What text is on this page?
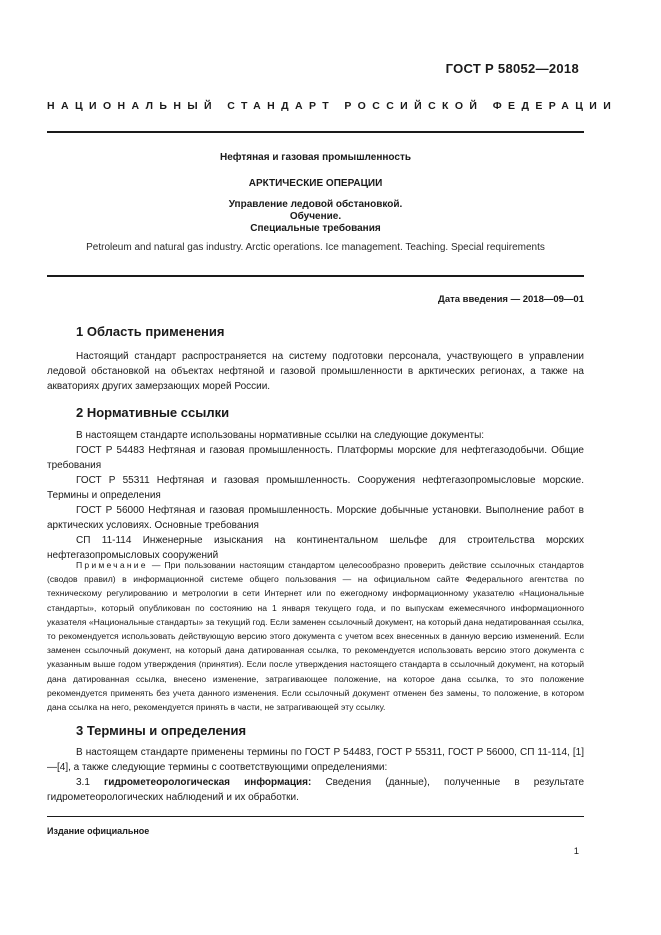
ГОСТ Р 58052—2018
НАЦИОНАЛЬНЫЙ СТАНДАРТ РОССИЙСКОЙ ФЕДЕРАЦИИ
Нефтяная и газовая промышленность
АРКТИЧЕСКИЕ ОПЕРАЦИИ
Управление ледовой обстановкой.
Обучение.
Специальные требования
Petroleum and natural gas industry. Arctic operations. Ice management. Teaching. Special requirements
Дата введения — 2018—09—01
1 Область применения
Настоящий стандарт распространяется на систему подготовки персонала, участвующего в управлении ледовой обстановкой на объектах нефтяной и газовой промышленности в арктических регионах, а также на акваториях других замерзающих морей России.
2 Нормативные ссылки
В настоящем стандарте использованы нормативные ссылки на следующие документы:
ГОСТ Р 54483 Нефтяная и газовая промышленность. Платформы морские для нефтегазодобычи. Общие требования
ГОСТ Р 55311 Нефтяная и газовая промышленность. Сооружения нефтегазопромысловые морские. Термины и определения
ГОСТ Р 56000 Нефтяная и газовая промышленность. Морские добычные установки. Выполнение работ в арктических условиях. Основные требования
СП 11-114 Инженерные изыскания на континентальном шельфе для строительства морских нефтегазопромысловых сооружений
Примечание — При пользовании настоящим стандартом целесообразно проверить действие ссылочных стандартов (сводов правил) в информационной системе общего пользования — на официальном сайте Федерального агентства по техническому регулированию и метрологии в сети Интернет или по ежегодному информационному указателю «Национальные стандарты», который опубликован по состоянию на 1 января текущего года, и по выпускам ежемесячного информационного указателя «Национальные стандарты» за текущий год. Если заменен ссылочный документ, на который дана недатированная ссылка, то рекомендуется использовать действующую версию этого документа с учетом всех внесенных в данную версию изменений. Если заменен ссылочный документ, на который дана датированная ссылка, то рекомендуется использовать версию этого документа с указанным выше годом утверждения (принятия). Если после утверждения настоящего стандарта в ссылочный документ, на который дана датированная ссылка, внесено изменение, затрагивающее положение, на которое дана ссылка, то это положение рекомендуется применять без учета данного изменения. Если ссылочный документ отменен без замены, то положение, в котором дана ссылка на него, рекомендуется принять в части, не затрагивающей эту ссылку.
3 Термины и определения
В настоящем стандарте применены термины по ГОСТ Р 54483, ГОСТ Р 55311, ГОСТ Р 56000, СП 11-114, [1]—[4], а также следующие термины с соответствующими определениями:
3.1 гидрометеорологическая информация: Сведения (данные), полученные в результате гидрометеорологических наблюдений и их обработки.
Издание официальное
1
